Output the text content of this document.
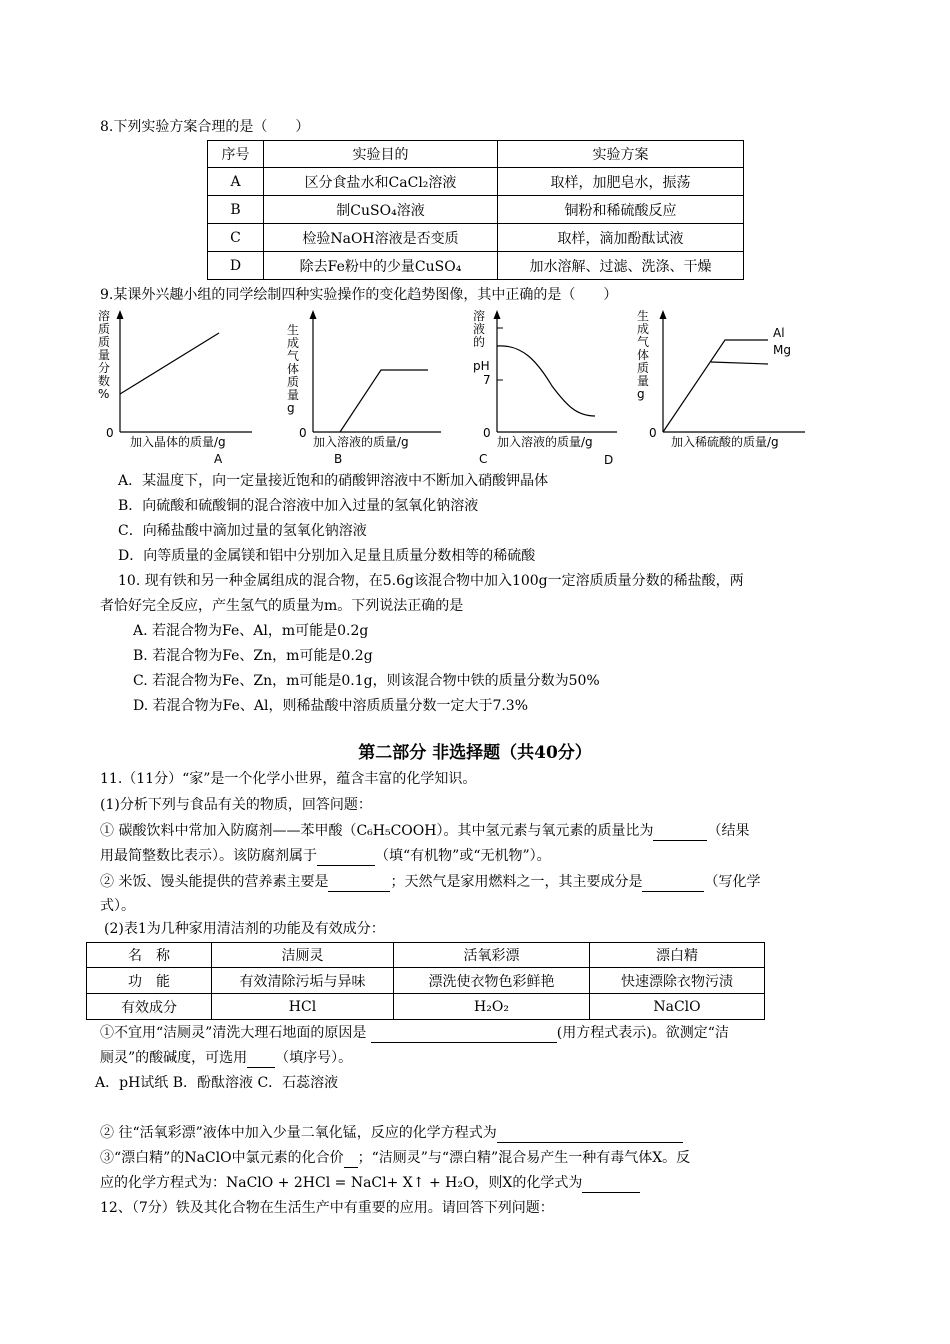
8.下列实验方案合理的是（　　）
序号	实验目的	实验方案
A	区分食盐水和CaCl₂溶液	取样，加肥皂水，振荡
B	制CuSO₄溶液	铜粉和稀硫酸反应
C	检验NaOH溶液是否变质	取样，滴加酚酞试液
D	除去Fe粉中的少量CuSO₄	加水溶解、过滤、洗涤、干燥
9.某课外兴趣小组的同学绘制四种实验操作的变化趋势图像，其中正确的是（　　）
溶
质
质
量
分
数
%
0
加入晶体的质量/g
A
生
成
气
体
质
量
g
0
加入溶液的质量/g
B
溶
液
的
pH
7
0
加入溶液的质量/g
C	D
生
成
气
体
质
量
g
Al
Mg
0
加入稀硫酸的质量/g
A．某温度下，向一定量接近饱和的硝酸钾溶液中不断加入硝酸钾晶体
B．向硫酸和硫酸铜的混合溶液中加入过量的氢氧化钠溶液
C．向稀盐酸中滴加过量的氢氧化钠溶液
D．向等质量的金属镁和铝中分别加入足量且质量分数相等的稀硫酸
10. 现有铁和另一种金属组成的混合物，在5.6g该混合物中加入100g一定溶质质量分数的稀盐酸，两
者恰好完全反应，产生氢气的质量为m。下列说法正确的是
A. 若混合物为Fe、Al，m可能是0.2g
B. 若混合物为Fe、Zn，m可能是0.2g
C. 若混合物为Fe、Zn，m可能是0.1g，则该混合物中铁的质量分数为50%
D. 若混合物为Fe、Al，则稀盐酸中溶质质量分数一定大于7.3%
第二部分 非选择题（共40分）
11.（11分）“家”是一个化学小世界，蕴含丰富的化学知识。
(1)分析下列与食品有关的物质，回答问题：
① 碳酸饮料中常加入防腐剂——苯甲酸（C₆H₅COOH）。其中氢元素与氧元素的质量比为	（结果
用最简整数比表示）。该防腐剂属于	（填“有机物”或“无机物”）。
② 米饭、馒头能提供的营养素主要是	；天然气是家用燃料之一，其主要成分是	（写化学
式）。
(2)表1为几种家用清洁剂的功能及有效成分：
名　称	洁厕灵	活氧彩漂	漂白精
功　能	有效清除污垢与异味	漂洗使衣物色彩鲜艳	快速漂除衣物污渍
有效成分	HCl	H₂O₂	NaClO
①不宜用“洁厕灵”清洗大理石地面的原因是	(用方程式表示)。欲测定“洁
厕灵”的酸碱度，可选用 （填序号）。
A．pH试纸 B．酚酞溶液 C．石蕊溶液
② 往“活氧彩漂”液体中加入少量二氧化锰，反应的化学方程式为
③“漂白精”的NaClO中氯元素的化合价 ；“洁厕灵”与“漂白精”混合易产生一种有毒气体X。反
应的化学方程式为：NaClO + 2HCl = NaCl+ X↑ + H₂O，则X的化学式为
12、（7分）铁及其化合物在生活生产中有重要的应用。请回答下列问题：
